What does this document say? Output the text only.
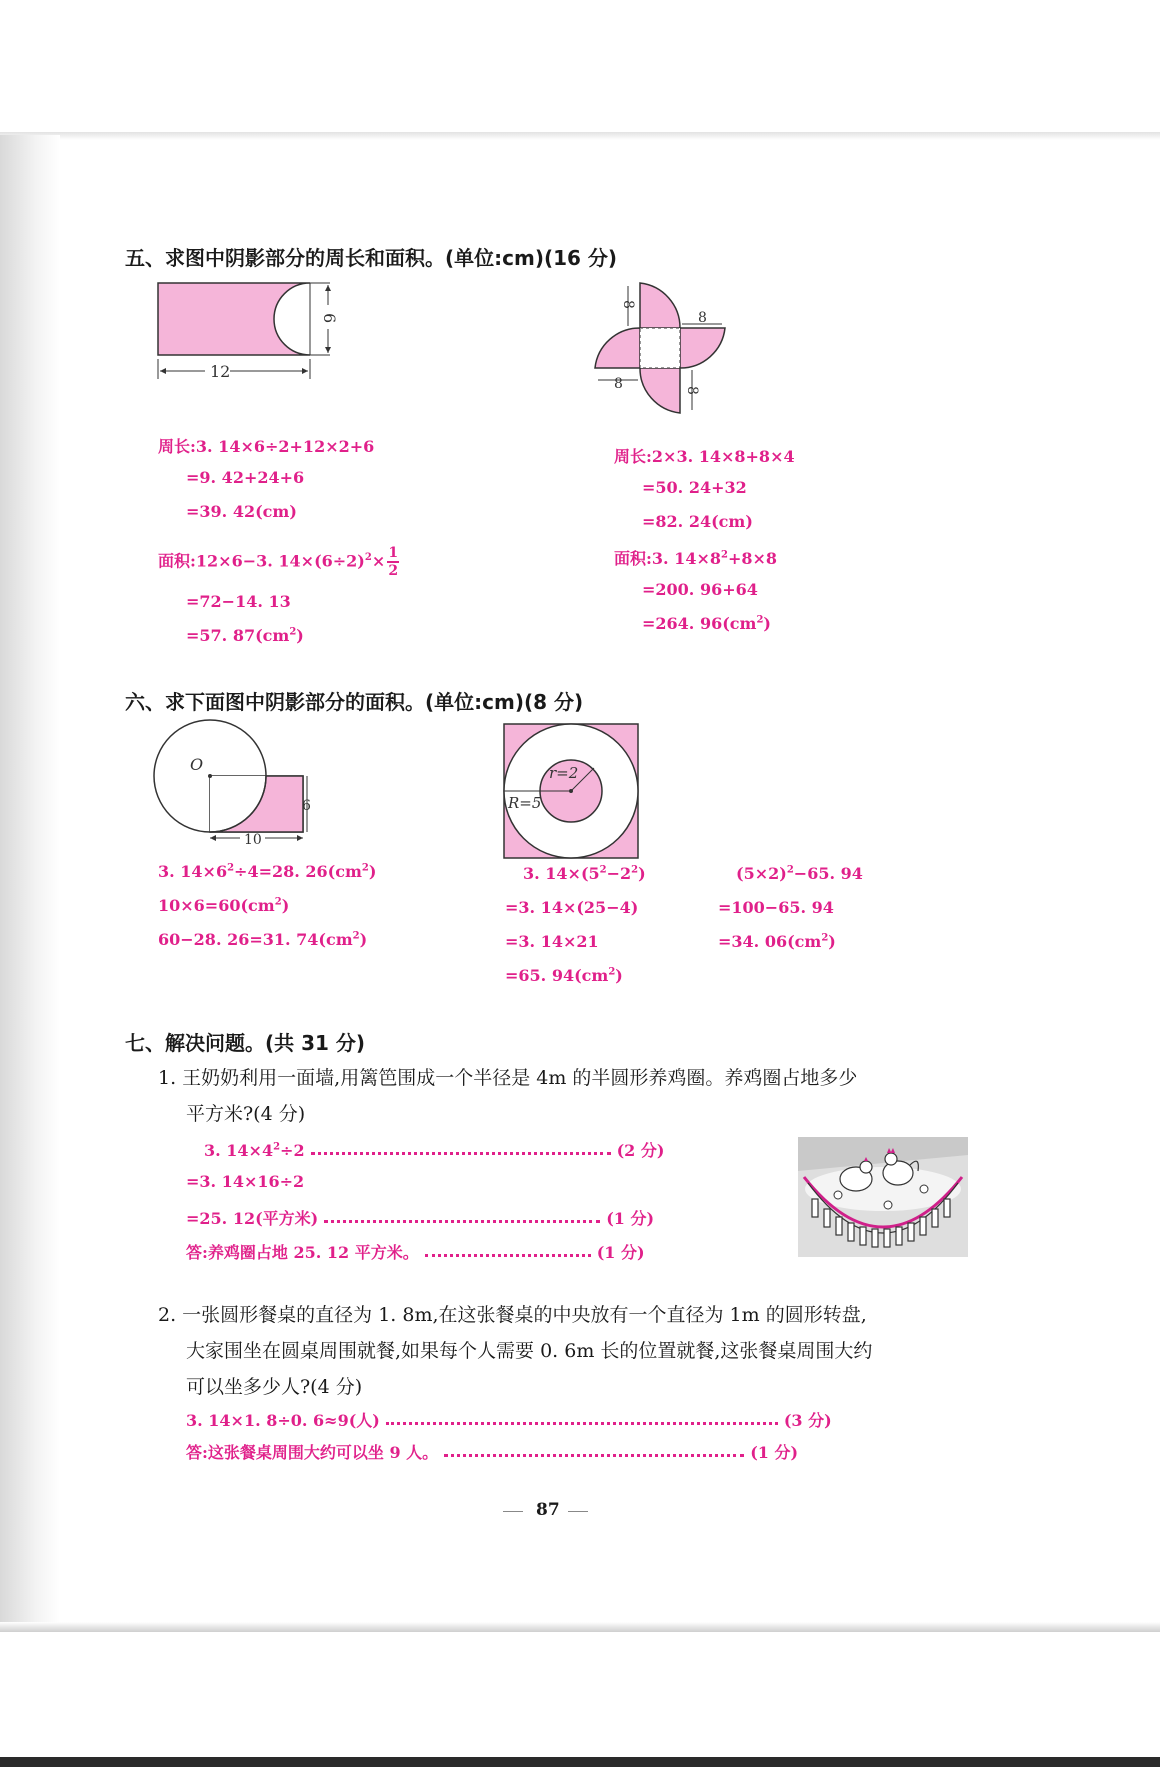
五、求图中阴影部分的周长和面积。(单位:cm)(16 分)
12
6
8
8
8	8
周长:3. 14×6÷2+12×2+6
=9. 42+24+6
=39. 42(cm)
面积:12×6−3. $14\times(6\div 2)^2\times \frac{1}{2}$
=72−14. 13
=57. $87(cm^2)$
周长:2×3. 14×8+8×4
=50. 24+32
=82. 24(cm)
面积:3. $14\times 8^2+8\times 8$
=200. 96+64
=264. $96(cm^2)$
六、求下面图中阴影部分的面积。(单位:cm)(8 分)
O
6
10
r=2
R=5
3. $14\times 6^2\div 4=28$. $26(cm^2)$
$10\times 6=60(cm^2)$
60−28. 26=31. $74(cm^2)$
3. $14\times(5^2-2^2)$
=3. 14×(25−4)
=3. 14×21
=65. $94(cm^2)$
$(5\times 2)^2-65$. 94
=100−65. 94
=34. $06(cm^2)$
七、解决问题。(共 31 分)
1. 王奶奶利用一面墙,用篱笆围成一个半径是 4m 的半圆形养鸡圈。养鸡圈占地多少
平方米?(4 分)
3. $14\times 4^2\div 2$	(2 分)
=3. 14×16÷2
=25. 12(平方米)	(1 分)
答:养鸡圈占地 25. 12 平方米。	(1 分)
2. 一张圆形餐桌的直径为 1. 8m,在这张餐桌的中央放有一个直径为 1m 的圆形转盘,
大家围坐在圆桌周围就餐,如果每个人需要 0. 6m 长的位置就餐,这张餐桌周围大约
可以坐多少人?(4 分)
3. 14×1. 8÷0. 6≈9(人)	(3 分)
答:这张餐桌周围大约可以坐 9 人。	(1 分)
87
